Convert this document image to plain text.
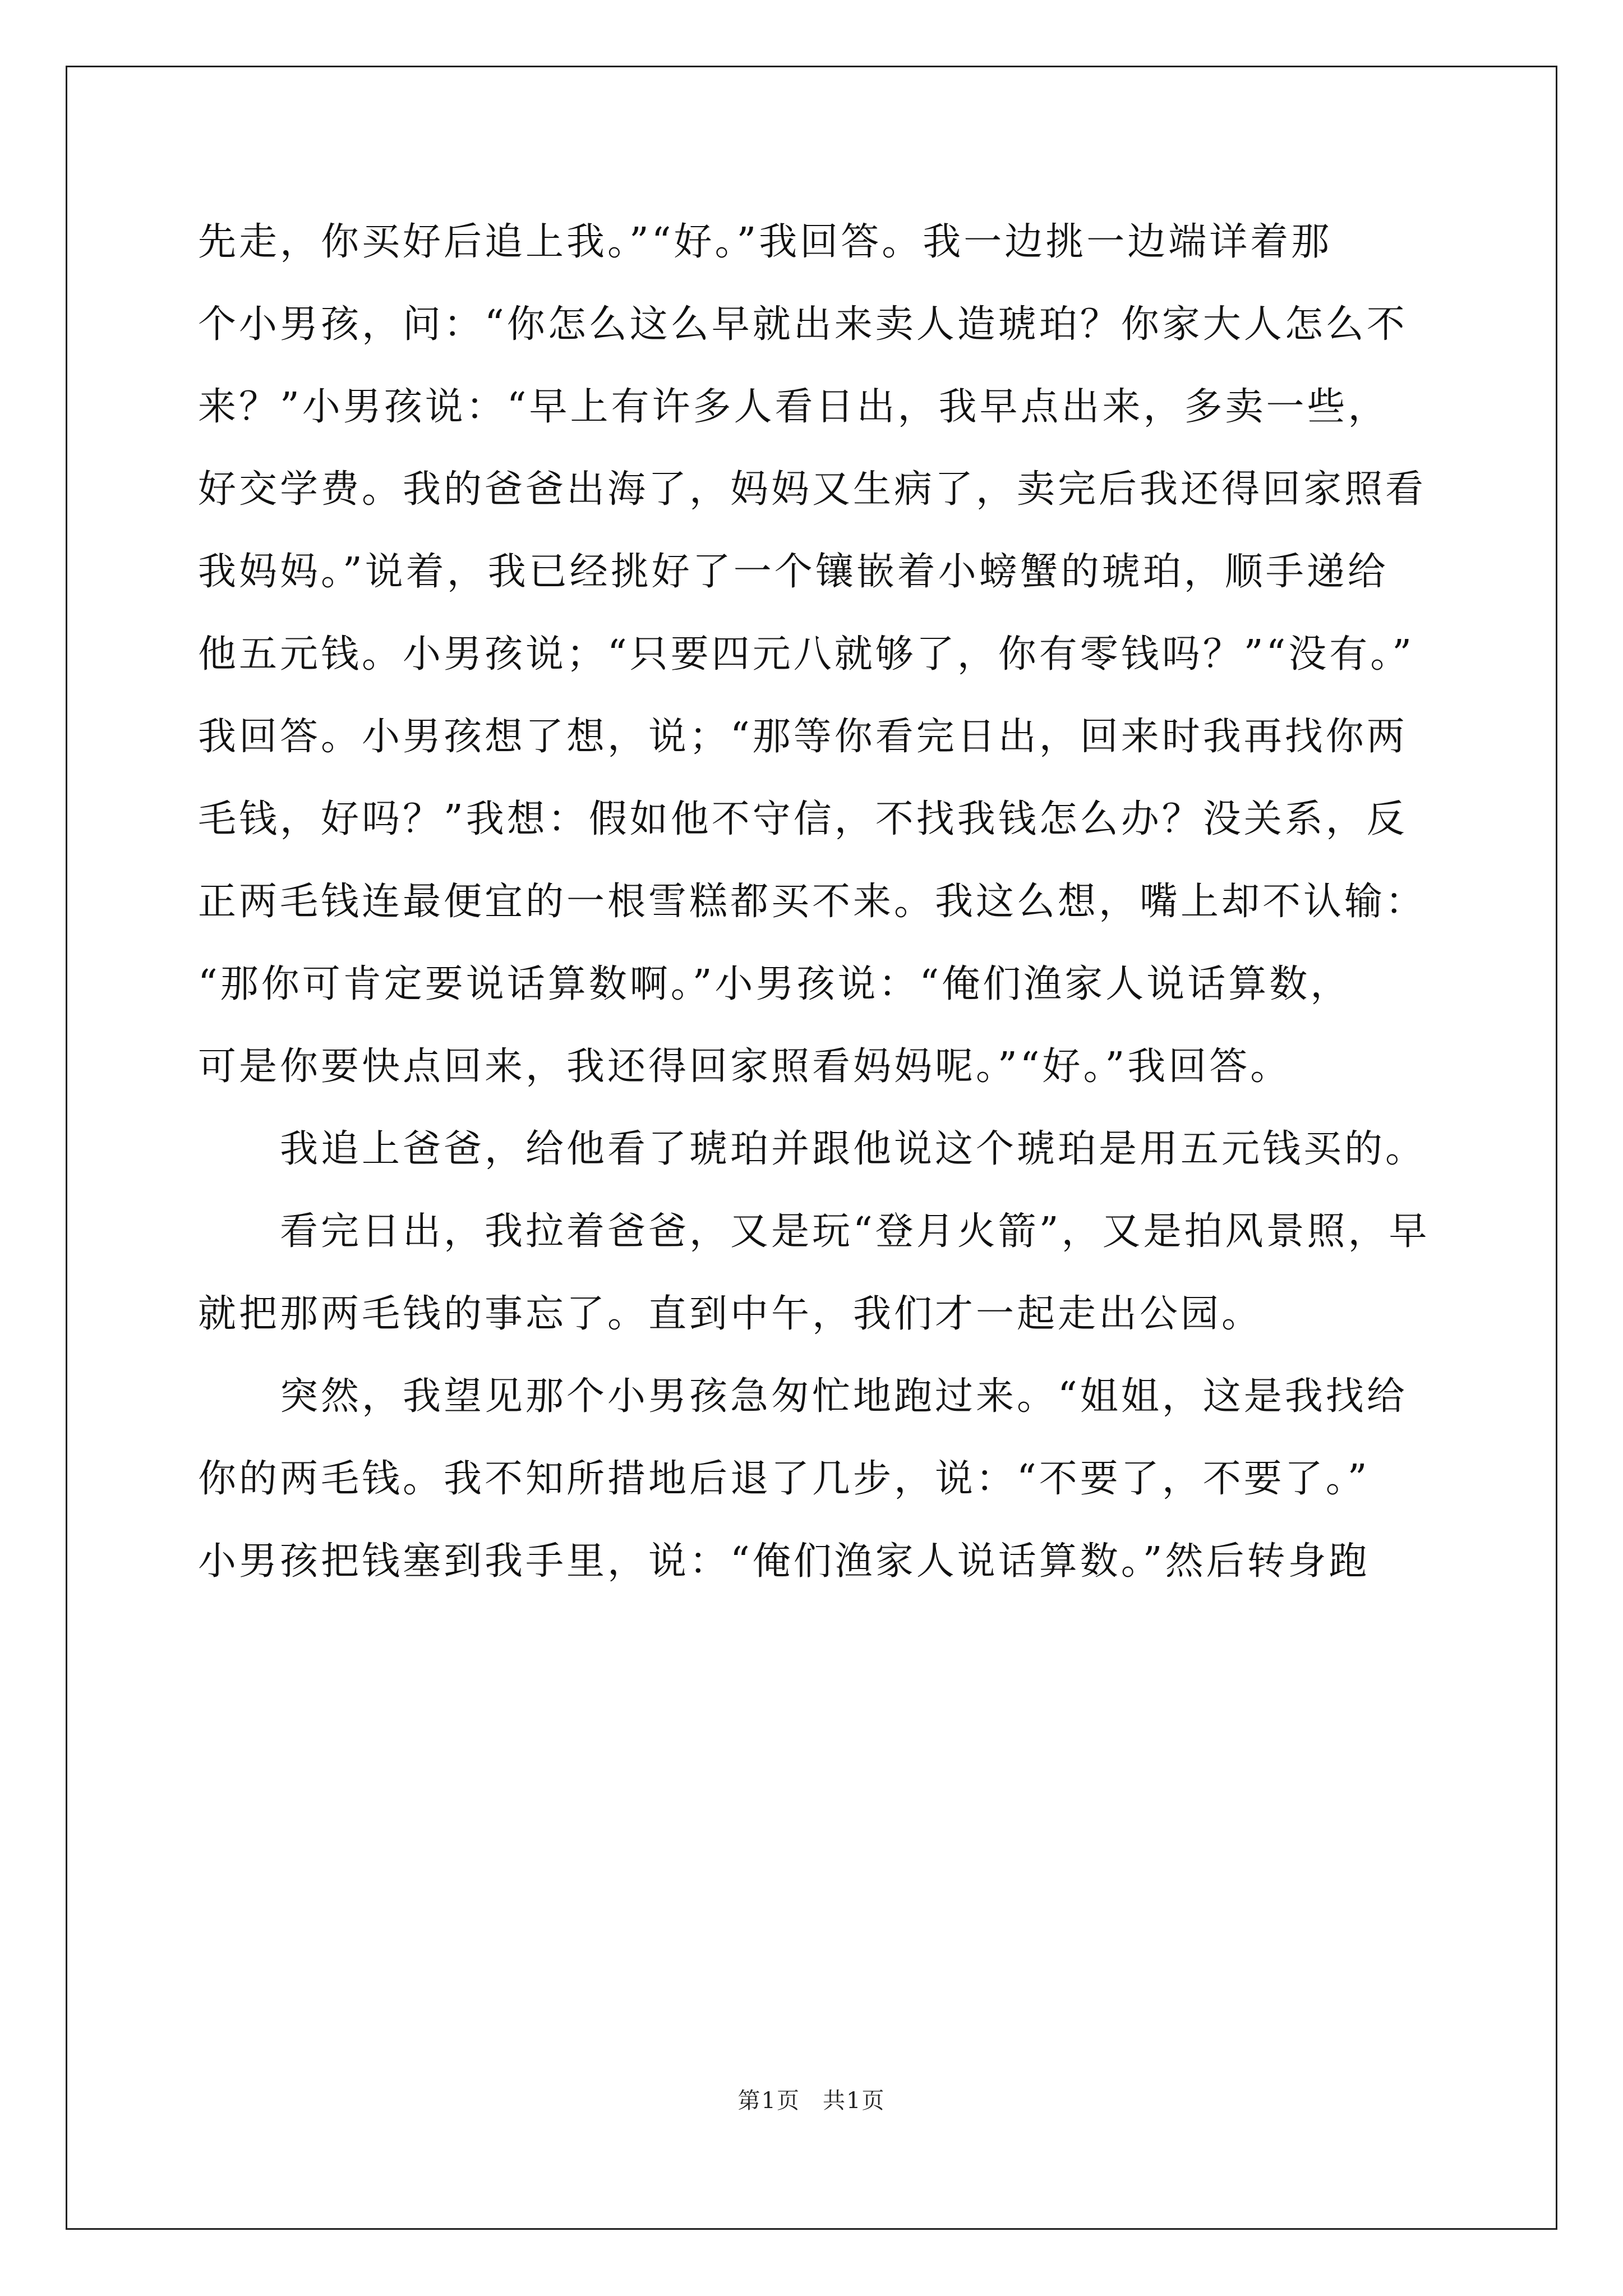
先走，你买好后追上我。”“好。”我回答。我一边挑一边端详着那
个小男孩，问：“你怎么这么早就出来卖人造琥珀？你家大人怎么不
来？”小男孩说：“早上有许多人看日出，我早点出来，多卖一些，
好交学费。我的爸爸出海了，妈妈又生病了，卖完后我还得回家照看
我妈妈。”说着，我已经挑好了一个镶嵌着小螃蟹的琥珀，顺手递给
他五元钱。小男孩说；“只要四元八就够了，你有零钱吗？”“没有。”
我回答。小男孩想了想，说；“那等你看完日出，回来时我再找你两
毛钱，好吗？”我想：假如他不守信，不找我钱怎么办？没关系，反
正两毛钱连最便宜的一根雪糕都买不来。我这么想，嘴上却不认输：
“那你可肯定要说话算数啊。”小男孩说：“俺们渔家人说话算数，
可是你要快点回来，我还得回家照看妈妈呢。”“好。”我回答。
　　我追上爸爸，给他看了琥珀并跟他说这个琥珀是用五元钱买的。
　　看完日出，我拉着爸爸，又是玩“登月火箭”，又是拍风景照，早
就把那两毛钱的事忘了。直到中午，我们才一起走出公园。
　　突然，我望见那个小男孩急匆忙地跑过来。“姐姐，这是我找给
你的两毛钱。我不知所措地后退了几步，说：“不要了，不要了。”
小男孩把钱塞到我手里，说：“俺们渔家人说话算数。”然后转身跑
第1页 共1页
